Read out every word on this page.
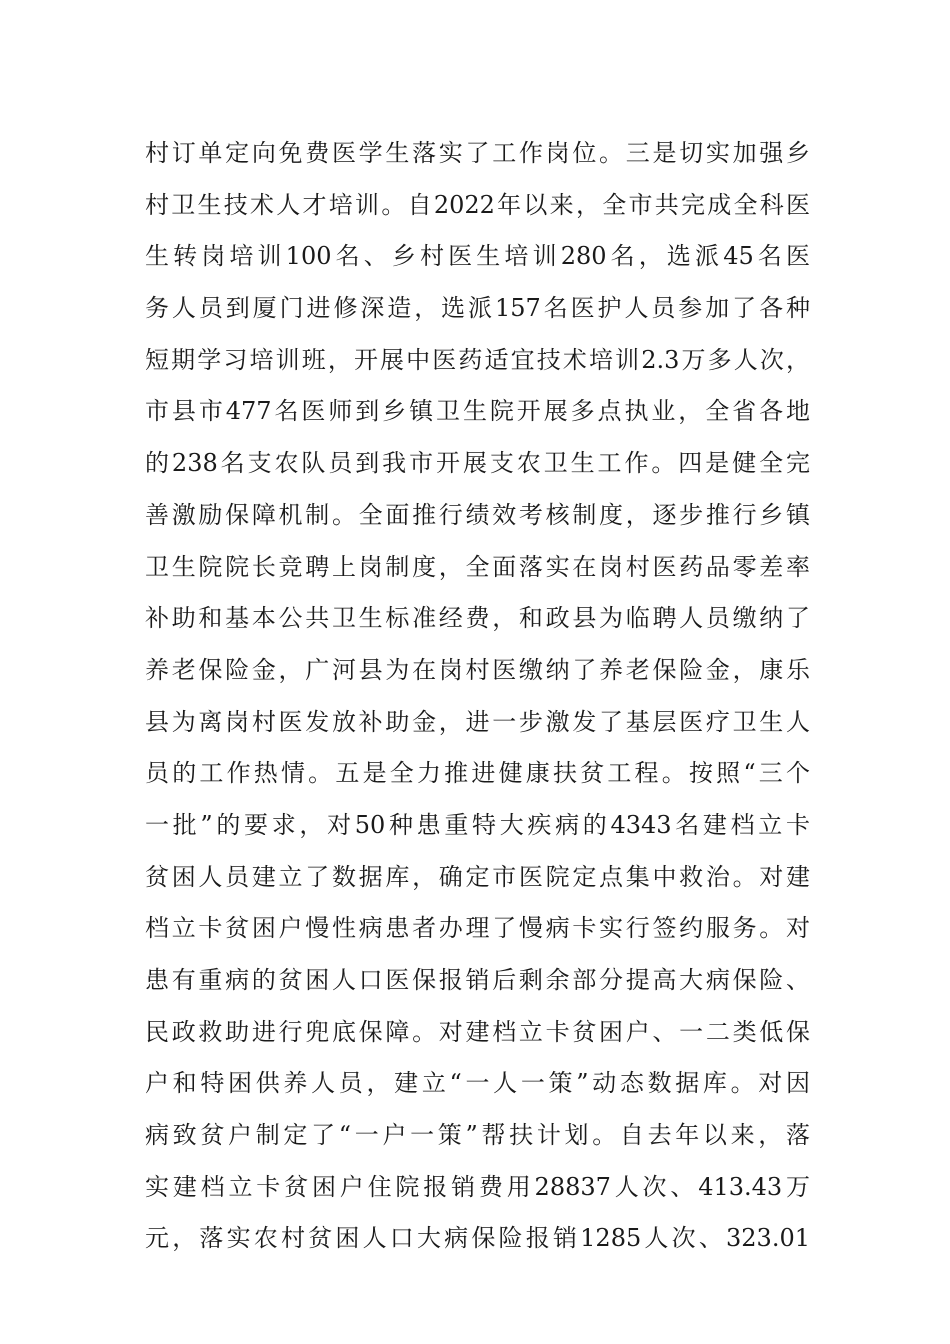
村订单定向免费医学生落实了工作岗位。三是切实加强乡
村卫生技术人才培训。自2022年以来，全市共完成全科医
生转岗培训100名、乡村医生培训280名，选派45名医
务人员到厦门进修深造，选派157名医护人员参加了各种
短期学习培训班，开展中医药适宜技术培训2.3万多人次，
市县市477名医师到乡镇卫生院开展多点执业，全省各地
的238名支农队员到我市开展支农卫生工作。四是健全完
善激励保障机制。全面推行绩效考核制度，逐步推行乡镇
卫生院院长竞聘上岗制度，全面落实在岗村医药品零差率
补助和基本公共卫生标准经费，和政县为临聘人员缴纳了
养老保险金，广河县为在岗村医缴纳了养老保险金，康乐
县为离岗村医发放补助金，进一步激发了基层医疗卫生人
员的工作热情。五是全力推进健康扶贫工程。按照“三个
一批”的要求，对50种患重特大疾病的4343名建档立卡
贫困人员建立了数据库，确定市医院定点集中救治。对建
档立卡贫困户慢性病患者办理了慢病卡实行签约服务。对
患有重病的贫困人口医保报销后剩余部分提高大病保险、
民政救助进行兜底保障。对建档立卡贫困户、一二类低保
户和特困供养人员，建立“一人一策”动态数据库。对因
病致贫户制定了“一户一策”帮扶计划。自去年以来，落
实建档立卡贫困户住院报销费用28837人次、413.43万
元，落实农村贫困人口大病保险报销1285人次、323.01
